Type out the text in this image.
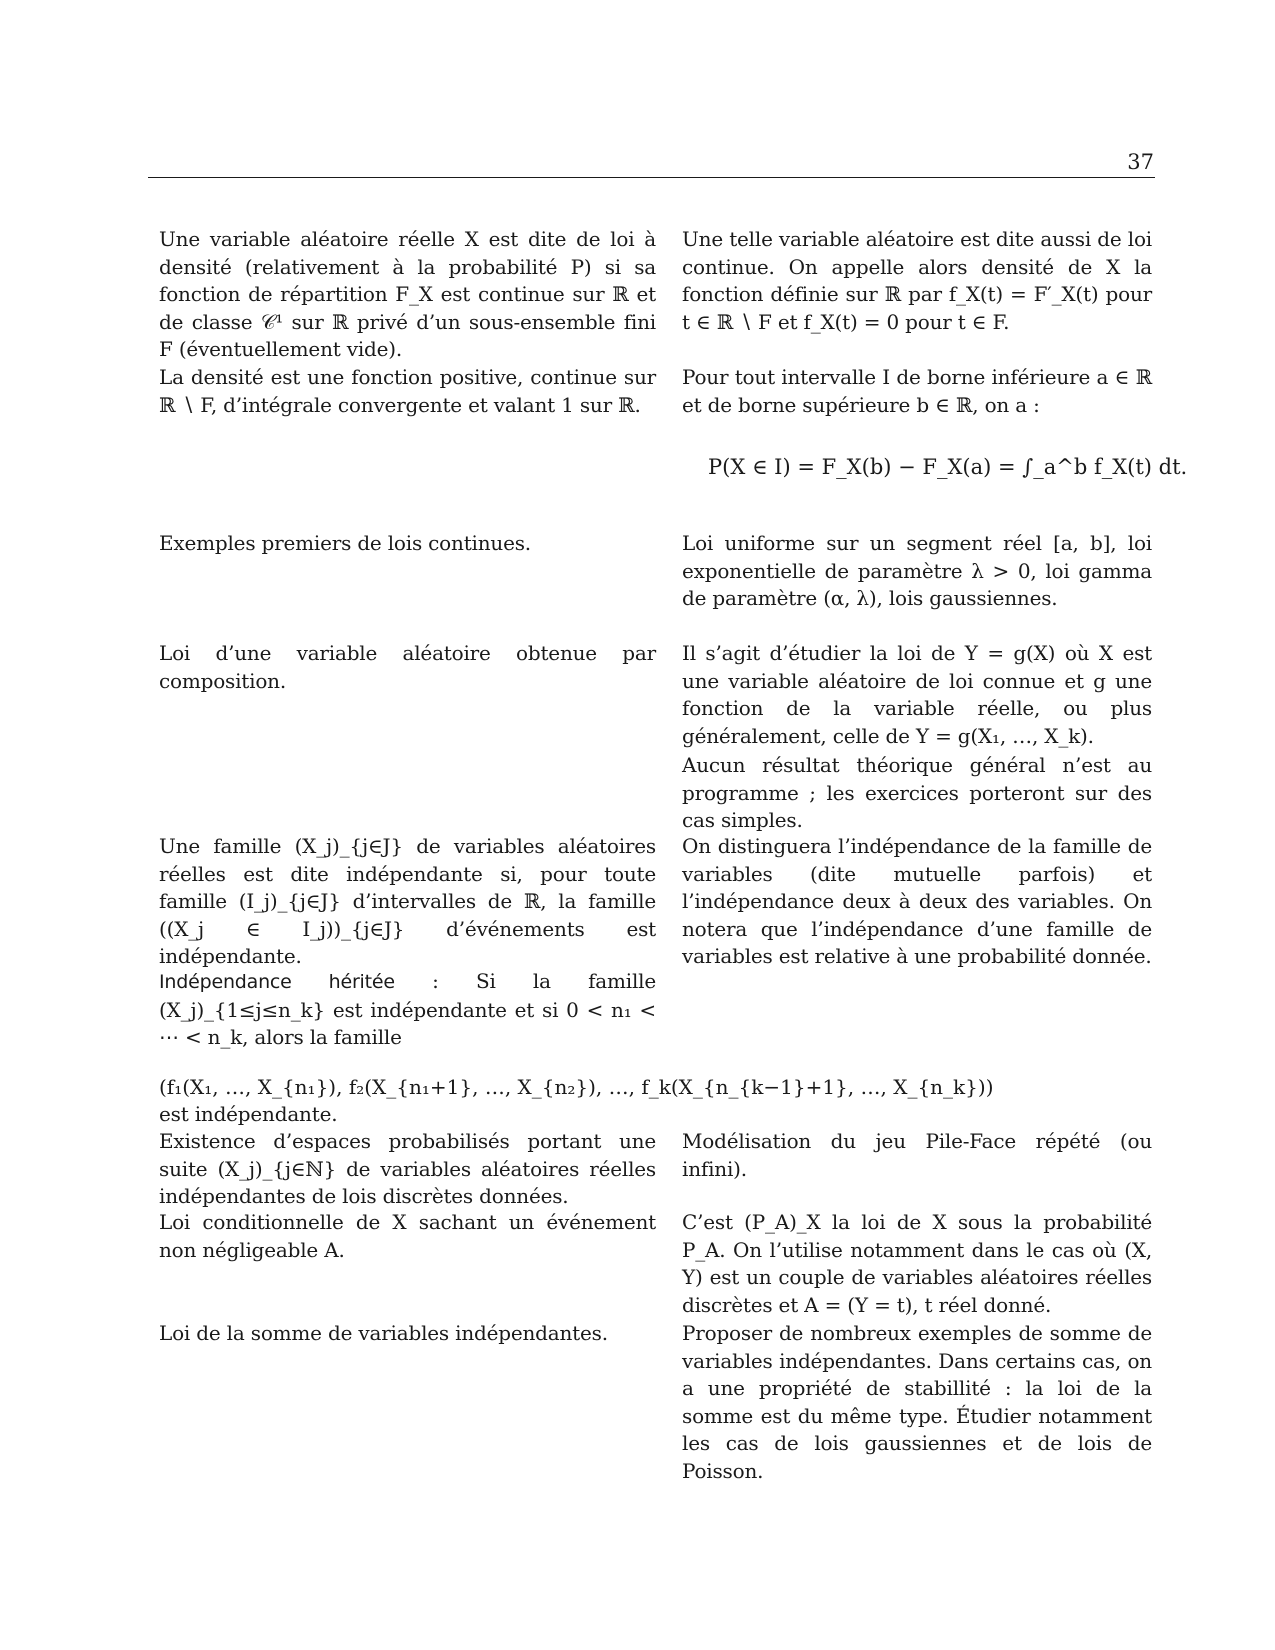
37
Une variable aléatoire réelle X est dite de loi à densité (relativement à la probabilité P) si sa fonction de répartition F_X est continue sur ℝ et de classe 𝒞¹ sur ℝ privé d’un sous-ensemble fini F (éventuellement vide).
Une telle variable aléatoire est dite aussi de loi continue. On appelle alors densité de X la fonction définie sur ℝ par f_X(t) = F′_X(t) pour t ∈ ℝ ∖ F et f_X(t) = 0 pour t ∈ F.
La densité est une fonction positive, continue sur ℝ ∖ F, d’intégrale convergente et valant 1 sur ℝ.
Pour tout intervalle I de borne inférieure a ∈ ℝ et de borne supérieure b ∈ ℝ, on a :
P(X ∈ I) = F_X(b) − F_X(a) = ∫_a^b f_X(t) dt.
Exemples premiers de lois continues.	Loi uniforme sur un segment réel [a, b], loi exponentielle de paramètre λ > 0, loi gamma de paramètre (α, λ), lois gaussiennes.
Loi d’une variable aléatoire obtenue par composition.
Il s’agit d’étudier la loi de Y = g(X) où X est une variable aléatoire de loi connue et g une fonction de la variable réelle, ou plus généralement, celle de Y = g(X₁, …, X_k).
Aucun résultat théorique général n’est au programme ; les exercices porteront sur des cas simples.
Une famille (X_j)_{j∈J} de variables aléatoires réelles est dite indépendante si, pour toute famille (I_j)_{j∈J} d’intervalles de ℝ, la famille ((X_j ∈ I_j))_{j∈J} d’événements est indépendante.
On distinguera l’indépendance de la famille de variables (dite mutuelle parfois) et l’indépendance deux à deux des variables. On notera que l’indépendance d’une famille de variables est relative à une probabilité donnée.
Indépendance héritée : Si la famille (X_j)_{1≤j≤n_k} est indépendante et si 0 < n₁ < ⋯ < n_k, alors la famille
(f₁(X₁, …, X_{n₁}), f₂(X_{n₁+1}, …, X_{n₂}), …, f_k(X_{n_{k−1}+1}, …, X_{n_k}))
est indépendante.
Existence d’espaces probabilisés portant une suite (X_j)_{j∈ℕ} de variables aléatoires réelles indépendantes de lois discrètes données.
Modélisation du jeu Pile-Face répété (ou infini).
Loi conditionnelle de X sachant un événement non négligeable A.
C’est (P_A)_X la loi de X sous la probabilité P_A. On l’utilise notamment dans le cas où (X, Y) est un couple de variables aléatoires réelles discrètes et A = (Y = t), t réel donné.
Loi de la somme de variables indépendantes.	Proposer de nombreux exemples de somme de variables indépendantes. Dans certains cas, on a une propriété de stabillité : la loi de la somme est du même type. Étudier notamment les cas de lois gaussiennes et de lois de Poisson.
